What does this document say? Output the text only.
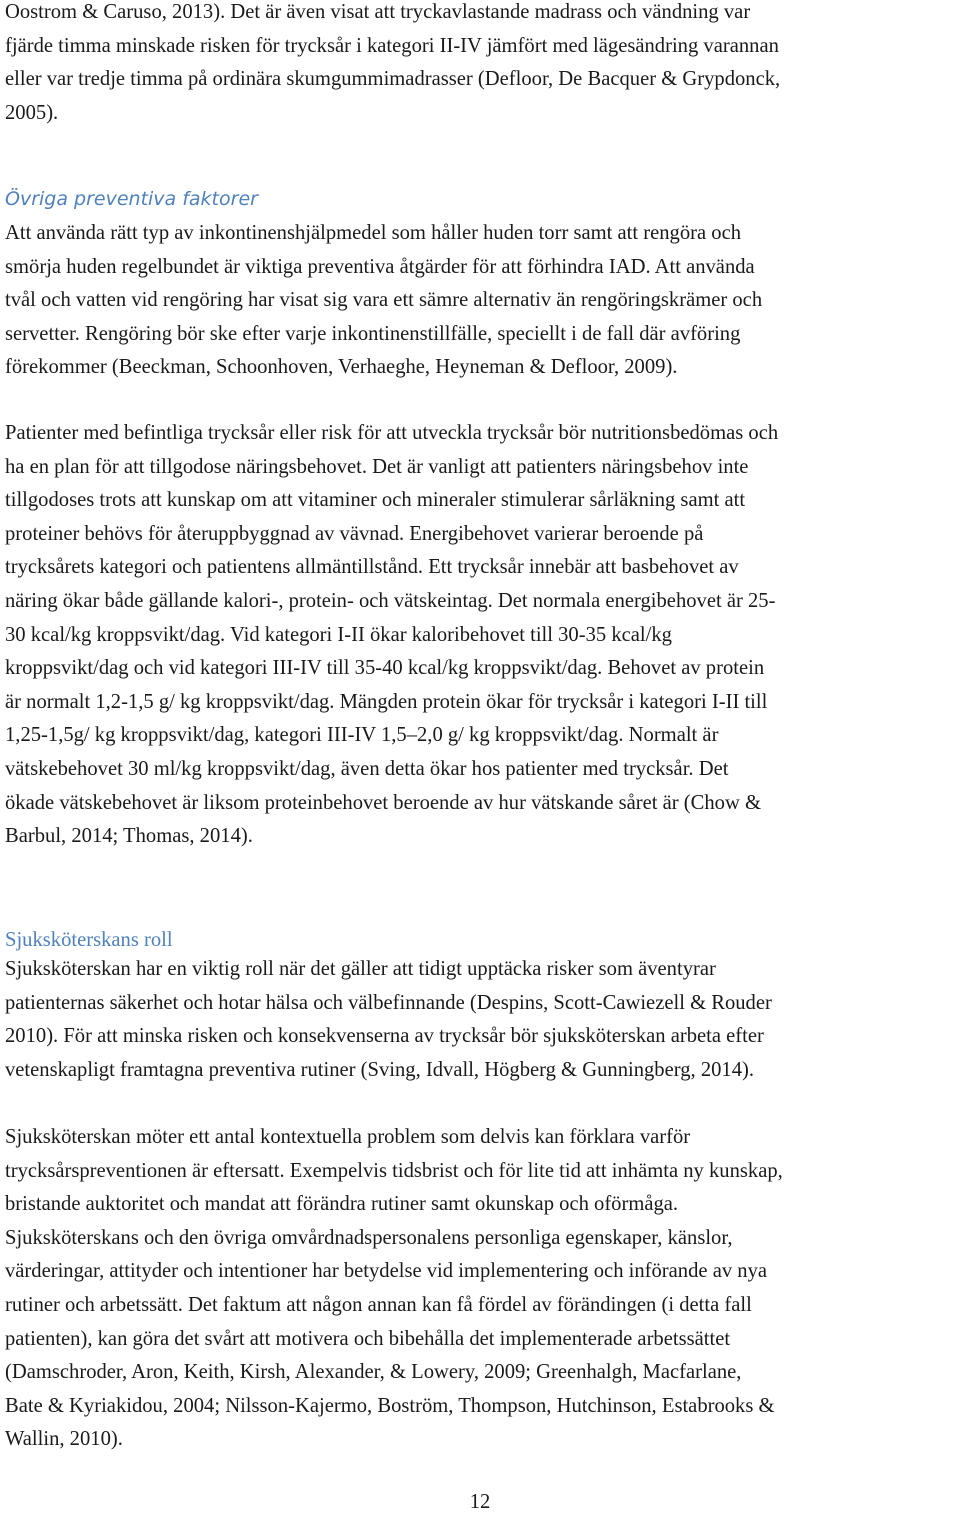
Oostrom & Caruso, 2013). Det är även visat att tryckavlastande madrass och vändning var
fjärde timma minskade risken för trycksår i kategori II-IV jämfört med lägesändring varannan
eller var tredje timma på ordinära skumgummimadrasser (Defloor, De Bacquer & Grypdonck,
2005).

Övriga preventiva faktorer

Att använda rätt typ av inkontinenshjälpmedel som håller huden torr samt att rengöra och
smörja huden regelbundet är viktiga preventiva åtgärder för att förhindra IAD. Att använda
tvål och vatten vid rengöring har visat sig vara ett sämre alternativ än rengöringskrämer och
servetter. Rengöring bör ske efter varje inkontinenstillfälle, speciellt i de fall där avföring
förekommer (Beeckman, Schoonhoven, Verhaeghe, Heyneman & Defloor, 2009).

Patienter med befintliga trycksår eller risk för att utveckla trycksår bör nutritionsbedömas och
ha en plan för att tillgodose näringsbehovet. Det är vanligt att patienters näringsbehov inte
tillgodoses trots att kunskap om att vitaminer och mineraler stimulerar sårläkning samt att
proteiner behövs för återuppbyggnad av vävnad. Energibehovet varierar beroende på
trycksårets kategori och patientens allmäntillstånd. Ett trycksår innebär att basbehovet av
näring ökar både gällande kalori-, protein- och vätskeintag. Det normala energibehovet är 25-
30 kcal/kg kroppsvikt/dag. Vid kategori I-II ökar kaloribehovet till 30-35 kcal/kg
kroppsvikt/dag och vid kategori III-IV till 35-40 kcal/kg kroppsvikt/dag. Behovet av protein
är normalt 1,2-1,5 g/ kg kroppsvikt/dag. Mängden protein ökar för trycksår i kategori I-II till
1,25-1,5g/ kg kroppsvikt/dag, kategori III-IV 1,5–2,0 g/ kg kroppsvikt/dag. Normalt är
vätskebehovet 30 ml/kg kroppsvikt/dag, även detta ökar hos patienter med trycksår. Det
ökade vätskebehovet är liksom proteinbehovet beroende av hur vätskande såret är (Chow &
Barbul, 2014; Thomas, 2014).

Sjuksköterskans roll

Sjuksköterskan har en viktig roll när det gäller att tidigt upptäcka risker som äventyrar
patienternas säkerhet och hotar hälsa och välbefinnande (Despins, Scott-Cawiezell & Rouder
2010). För att minska risken och konsekvenserna av trycksår bör sjuksköterskan arbeta efter
vetenskapligt framtagna preventiva rutiner (Sving, Idvall, Högberg & Gunningberg, 2014).

Sjuksköterskan möter ett antal kontextuella problem som delvis kan förklara varför
trycksårspreventionen är eftersatt. Exempelvis tidsbrist och för lite tid att inhämta ny kunskap,
bristande auktoritet och mandat att förändra rutiner samt okunskap och oförmåga.
Sjuksköterskans och den övriga omvårdnadspersonalens personliga egenskaper, känslor,
värderingar, attityder och intentioner har betydelse vid implementering och införande av nya
rutiner och arbetssätt. Det faktum att någon annan kan få fördel av förändingen (i detta fall
patienten), kan göra det svårt att motivera och bibehålla det implementerade arbetssättet
(Damschroder, Aron, Keith, Kirsh, Alexander, & Lowery, 2009; Greenhalgh, Macfarlane,
Bate & Kyriakidou, 2004; Nilsson-Kajermo, Boström, Thompson, Hutchinson, Estabrooks &
Wallin, 2010).

12
